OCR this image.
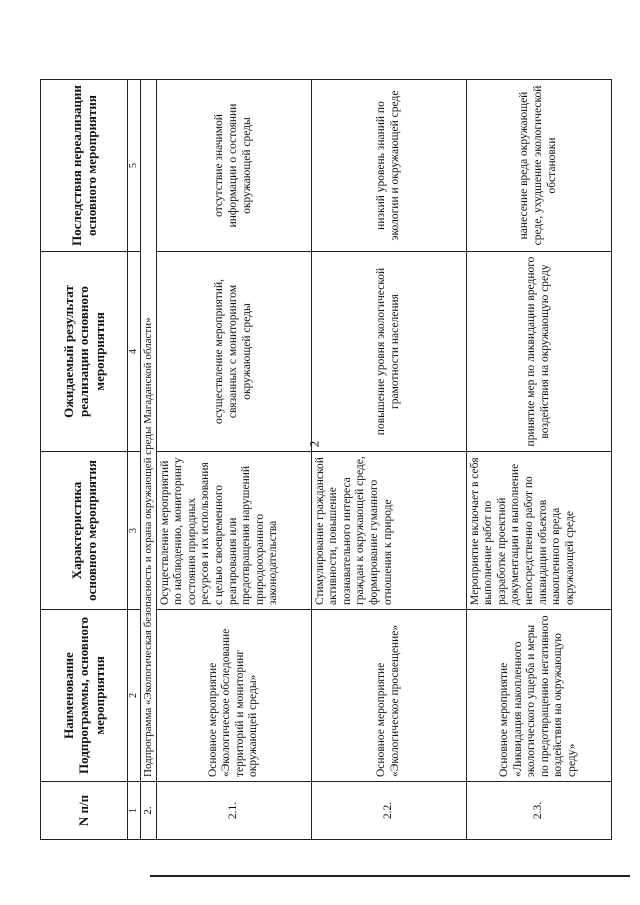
2
N п/п	Наименование Подпрограммы, основного мероприятия	Характеристика основного мероприятия	Ожидаемый результат реализации основного мероприятия	Последствия нереализации основного мероприятия
1	2	3	4	5
2.	Подпрограмма «Экологическая безопасность и охрана окружающей среды Магаданской области»			
2.1.	Основное мероприятие «Экологическое обследование территорий и мониторинг окружающей среды»	Осуществление мероприятий по наблюдению, мониторингу состояния природных ресурсов и их использования с целью своевременного реагирования или предотвращения нарушений природоохранного законодательства	осуществление мероприятий, связанных с мониторингом окружающей среды	отсутствие значимой информации о состоянии окружающей среды
2.2.	Основное мероприятие «Экологическое просвещение»	Стимулирование гражданской активности, повышение познавательного интереса граждан к окружающей среде, формирование гуманного отношения к природе	повышение уровня экологической грамотности населения	низкий уровень знаний по экологии и окружающей среде
2.3.	Основное мероприятие «Ликвидация накопленного экологического ущерба и меры по предотвращению негативного воздействия на окружающую среду»	Мероприятие включает в себя выполнение работ по разработке проектной документации и выполнение непосредственно работ по ликвидации объектов накопленного вреда окружающей среде	принятие мер по ликвидации вредного воздействия на окружающую среду	нанесение вреда окружающей среде, ухудшение экологической обстановки
